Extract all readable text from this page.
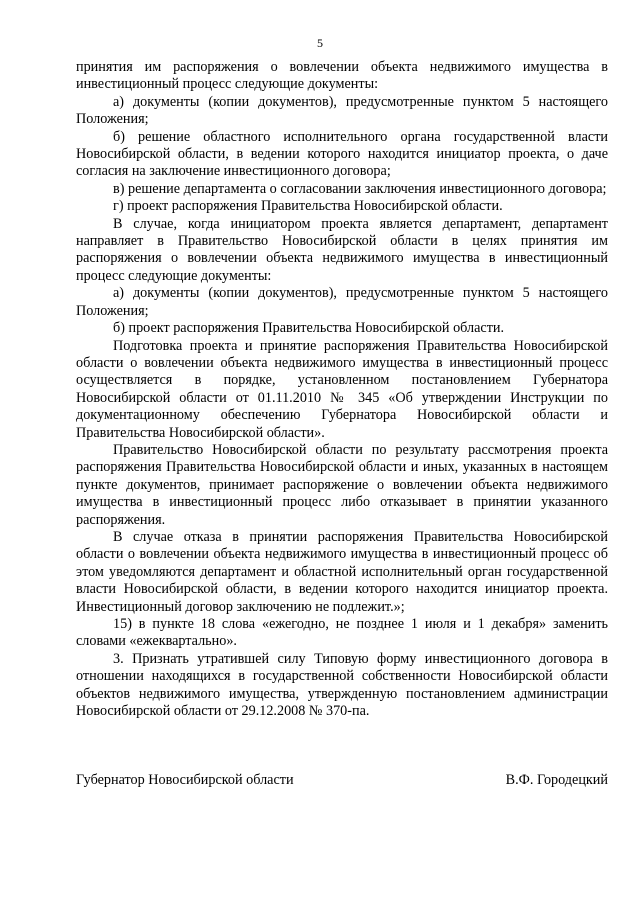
5

принятия им распоряжения о вовлечении объекта недвижимого имущества в инвестиционный процесс следующие документы:

а) документы (копии документов), предусмотренные пунктом 5 настоящего Положения;

б) решение областного исполнительного органа государственной власти Новосибирской области, в ведении которого находится инициатор проекта, о даче согласия на заключение инвестиционного договора;

в) решение департамента о согласовании заключения инвестиционного договора;

г) проект распоряжения Правительства Новосибирской области.

В случае, когда инициатором проекта является департамент, департамент направляет в Правительство Новосибирской области в целях принятия им распоряжения о вовлечении объекта недвижимого имущества в инвестиционный процесс следующие документы:

а) документы (копии документов), предусмотренные пунктом 5 настоящего Положения;

б) проект распоряжения Правительства Новосибирской области.

Подготовка проекта и принятие распоряжения Правительства Новосибирской области о вовлечении объекта недвижимого имущества в инвестиционный процесс осуществляется в порядке, установленном постановлением Губернатора Новосибирской области от 01.11.2010 № 345 «Об утверждении Инструкции по документационному обеспечению Губернатора Новосибирской области и Правительства Новосибирской области».

Правительство Новосибирской области по результату рассмотрения проекта распоряжения Правительства Новосибирской области и иных, указанных в настоящем пункте документов, принимает распоряжение о вовлечении объекта недвижимого имущества в инвестиционный процесс либо отказывает в принятии указанного распоряжения.

В случае отказа в принятии распоряжения Правительства Новосибирской области о вовлечении объекта недвижимого имущества в инвестиционный процесс об этом уведомляются департамент и областной исполнительный орган государственной власти Новосибирской области, в ведении которого находится инициатор проекта. Инвестиционный договор заключению не подлежит.»;

15) в пункте 18 слова «ежегодно, не позднее 1 июля и 1 декабря» заменить словами «ежеквартально».

3. Признать утратившей силу Типовую форму инвестиционного договора в отношении находящихся в государственной собственности Новосибирской области объектов недвижимого имущества, утвержденную постановлением администрации Новосибирской области от 29.12.2008 № 370-па.

Губернатор Новосибирской области	В.Ф. Городецкий
